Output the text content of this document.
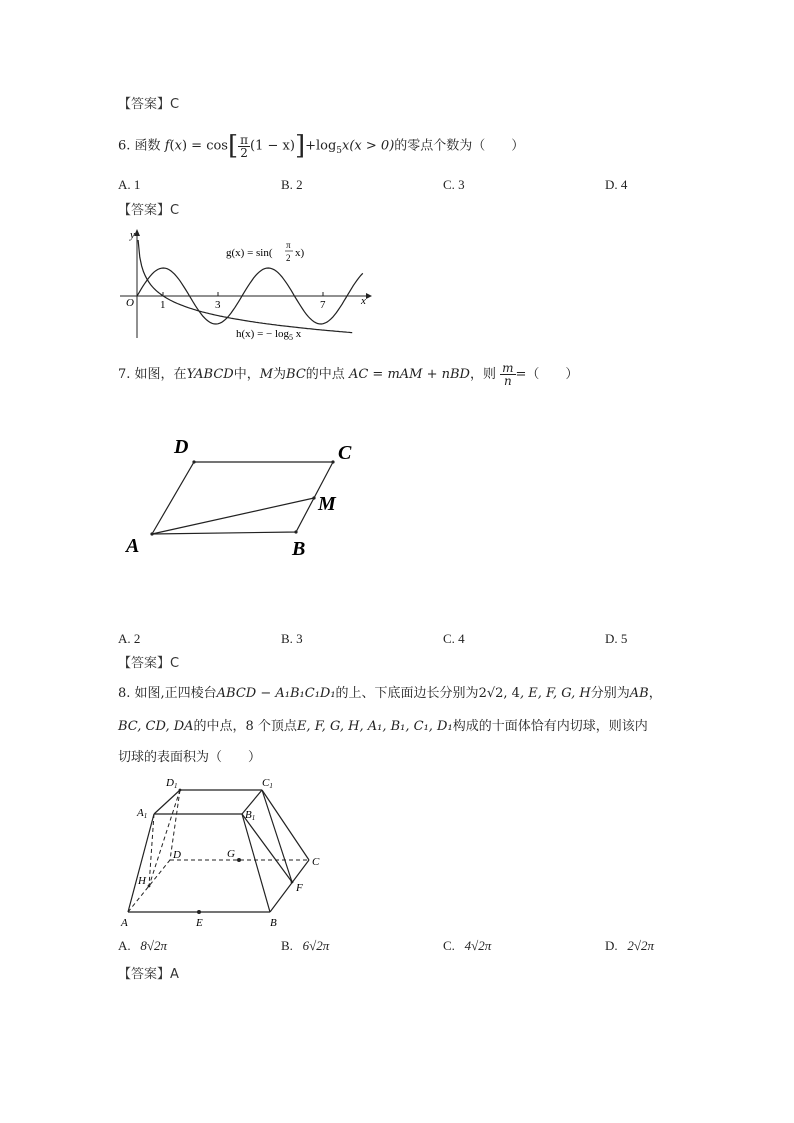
【答案】C
6. 函数 $f(x) = \cos[ \frac{\pi}{2} (1 - x)]+\log_5x(x > 0)$的零点个数为（　　）
A. 1	B. 2	C. 3	D. 4
【答案】C
y
x
O 1	3	7
g(x) = sin(
π
2 x)
h(x) = − $\log_5 x$
7. 如图，在YABCD中，M为BC的中点 AC = mAM + nBD，则 $\frac{m}{n}$ =（　　）
D	C
M
A	B
A. 2	B. 3	C. 4	D. 5
【答案】C
8. 如图,正四棱台ABCD − A₁B₁C₁D₁的上、下底面边长分别为2√2, 4, E, F, G, H分别为AB，
BC, CD, DA的中点，8 个顶点E, F, G, H, A₁, B₁, C₁, D₁构成的十面体恰有内切球，则该内
切球的表面积为（　　）
D1	C1
A1	B1
D	G
C
H
F
A	E	B
A. 8√2π	B. 6√2π	C. 4√2π	D. 2√2π
【答案】A
